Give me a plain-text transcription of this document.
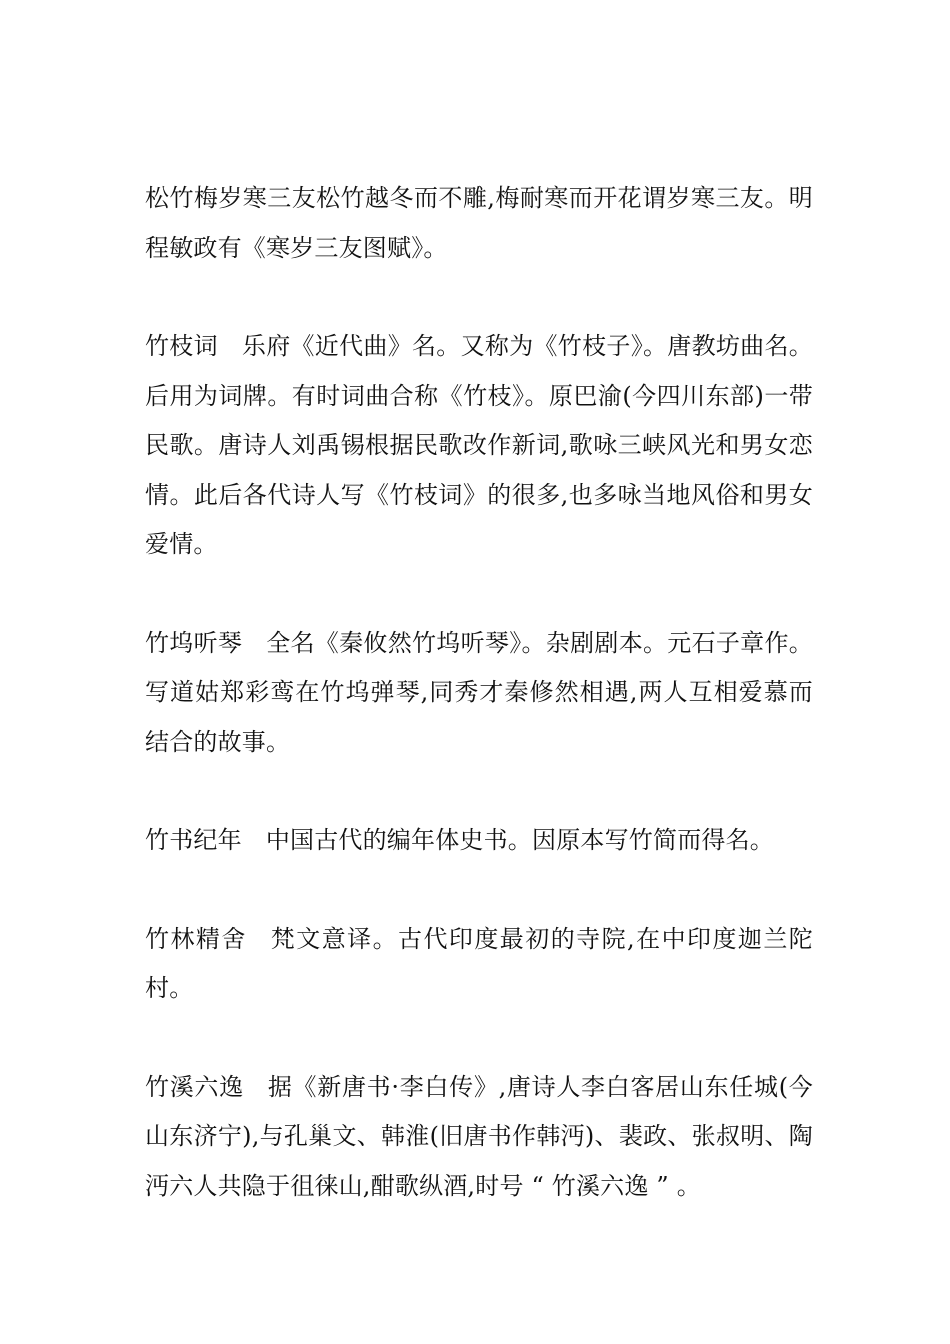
松竹梅岁寒三友松竹越冬而不雕,梅耐寒而开花谓岁寒三友。明程敏政有《寒岁三友图赋》。

竹枝词 乐府《近代曲》名。又称为《竹枝子》。唐教坊曲名。后用为词牌。有时词曲合称《竹枝》。原巴渝(今四川东部)一带民歌。唐诗人刘禹锡根据民歌改作新词,歌咏三峡风光和男女恋情。此后各代诗人写《竹枝词》的很多,也多咏当地风俗和男女爱情。

竹坞听琴 全名《秦攸然竹坞听琴》。杂剧剧本。元石子章作。写道姑郑彩鸾在竹坞弹琴,同秀才秦修然相遇,两人互相爱慕而结合的故事。

竹书纪年 中国古代的编年体史书。因原本写竹简而得名。

竹林精舍 梵文意译。古代印度最初的寺院,在中印度迦兰陀村。

竹溪六逸 据《新唐书·李白传》,唐诗人李白客居山东任城(今山东济宁),与孔巢文、韩淮(旧唐书作韩沔)、裴政、张叔明、陶沔六人共隐于徂徕山,酣歌纵酒,时号 “ 竹溪六逸 ” 。
